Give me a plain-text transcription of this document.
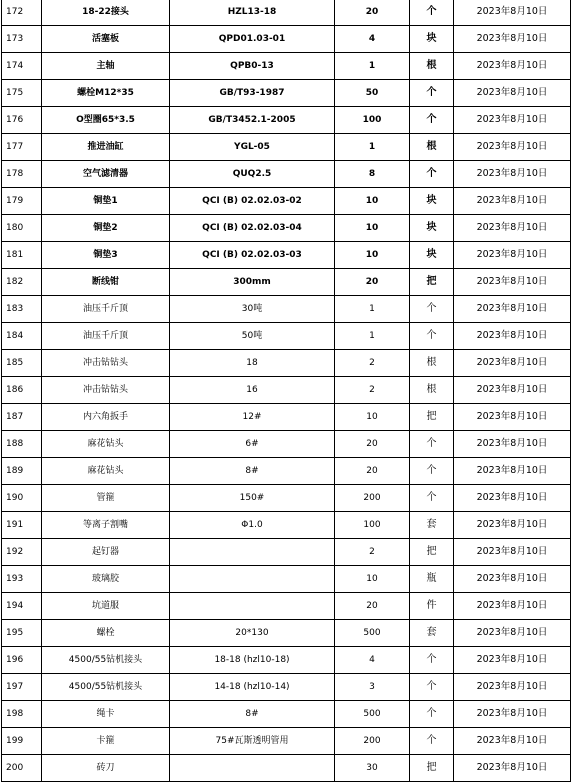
172	18-22接头	HZL13-18	20	个	2023年8月10日
173	活塞板	QPD01.03-01	4	块	2023年8月10日
174	主轴	QPB0-13	1	根	2023年8月10日
175	螺栓M12*35	GB/T93-1987	50	个	2023年8月10日
176	O型圈65*3.5	GB/T3452.1-2005	100	个	2023年8月10日
177	推进油缸	YGL-05	1	根	2023年8月10日
178	空气滤清器	QUQ2.5	8	个	2023年8月10日
179	铜垫1	QCI (B) 02.02.03-02	10	块	2023年8月10日
180	铜垫2	QCI (B) 02.02.03-04	10	块	2023年8月10日
181	铜垫3	QCI (B) 02.02.03-03	10	块	2023年8月10日
182	断线钳	300mm	20	把	2023年8月10日
183	油压千斤顶	30吨	1	个	2023年8月10日
184	油压千斤顶	50吨	1	个	2023年8月10日
185	冲击钻钻头	18	2	根	2023年8月10日
186	冲击钻钻头	16	2	根	2023年8月10日
187	内六角扳手	12#	10	把	2023年8月10日
188	麻花钻头	6#	20	个	2023年8月10日
189	麻花钻头	8#	20	个	2023年8月10日
190	管箍	150#	200	个	2023年8月10日
191	等离子割嘴	Φ1.0	100	套	2023年8月10日
192	起钉器		2	把	2023年8月10日
193	玻璃胶		10	瓶	2023年8月10日
194	坑道服		20	件	2023年8月10日
195	螺栓	20*130	500	套	2023年8月10日
196	4500/55钻机接头	18-18 (hzl10-18)	4	个	2023年8月10日
197	4500/55钻机接头	14-18 (hzl10-14)	3	个	2023年8月10日
198	绳卡	8#	500	个	2023年8月10日
199	卡箍	75#瓦斯透明管用	200	个	2023年8月10日
200	砖刀		30	把	2023年8月10日
